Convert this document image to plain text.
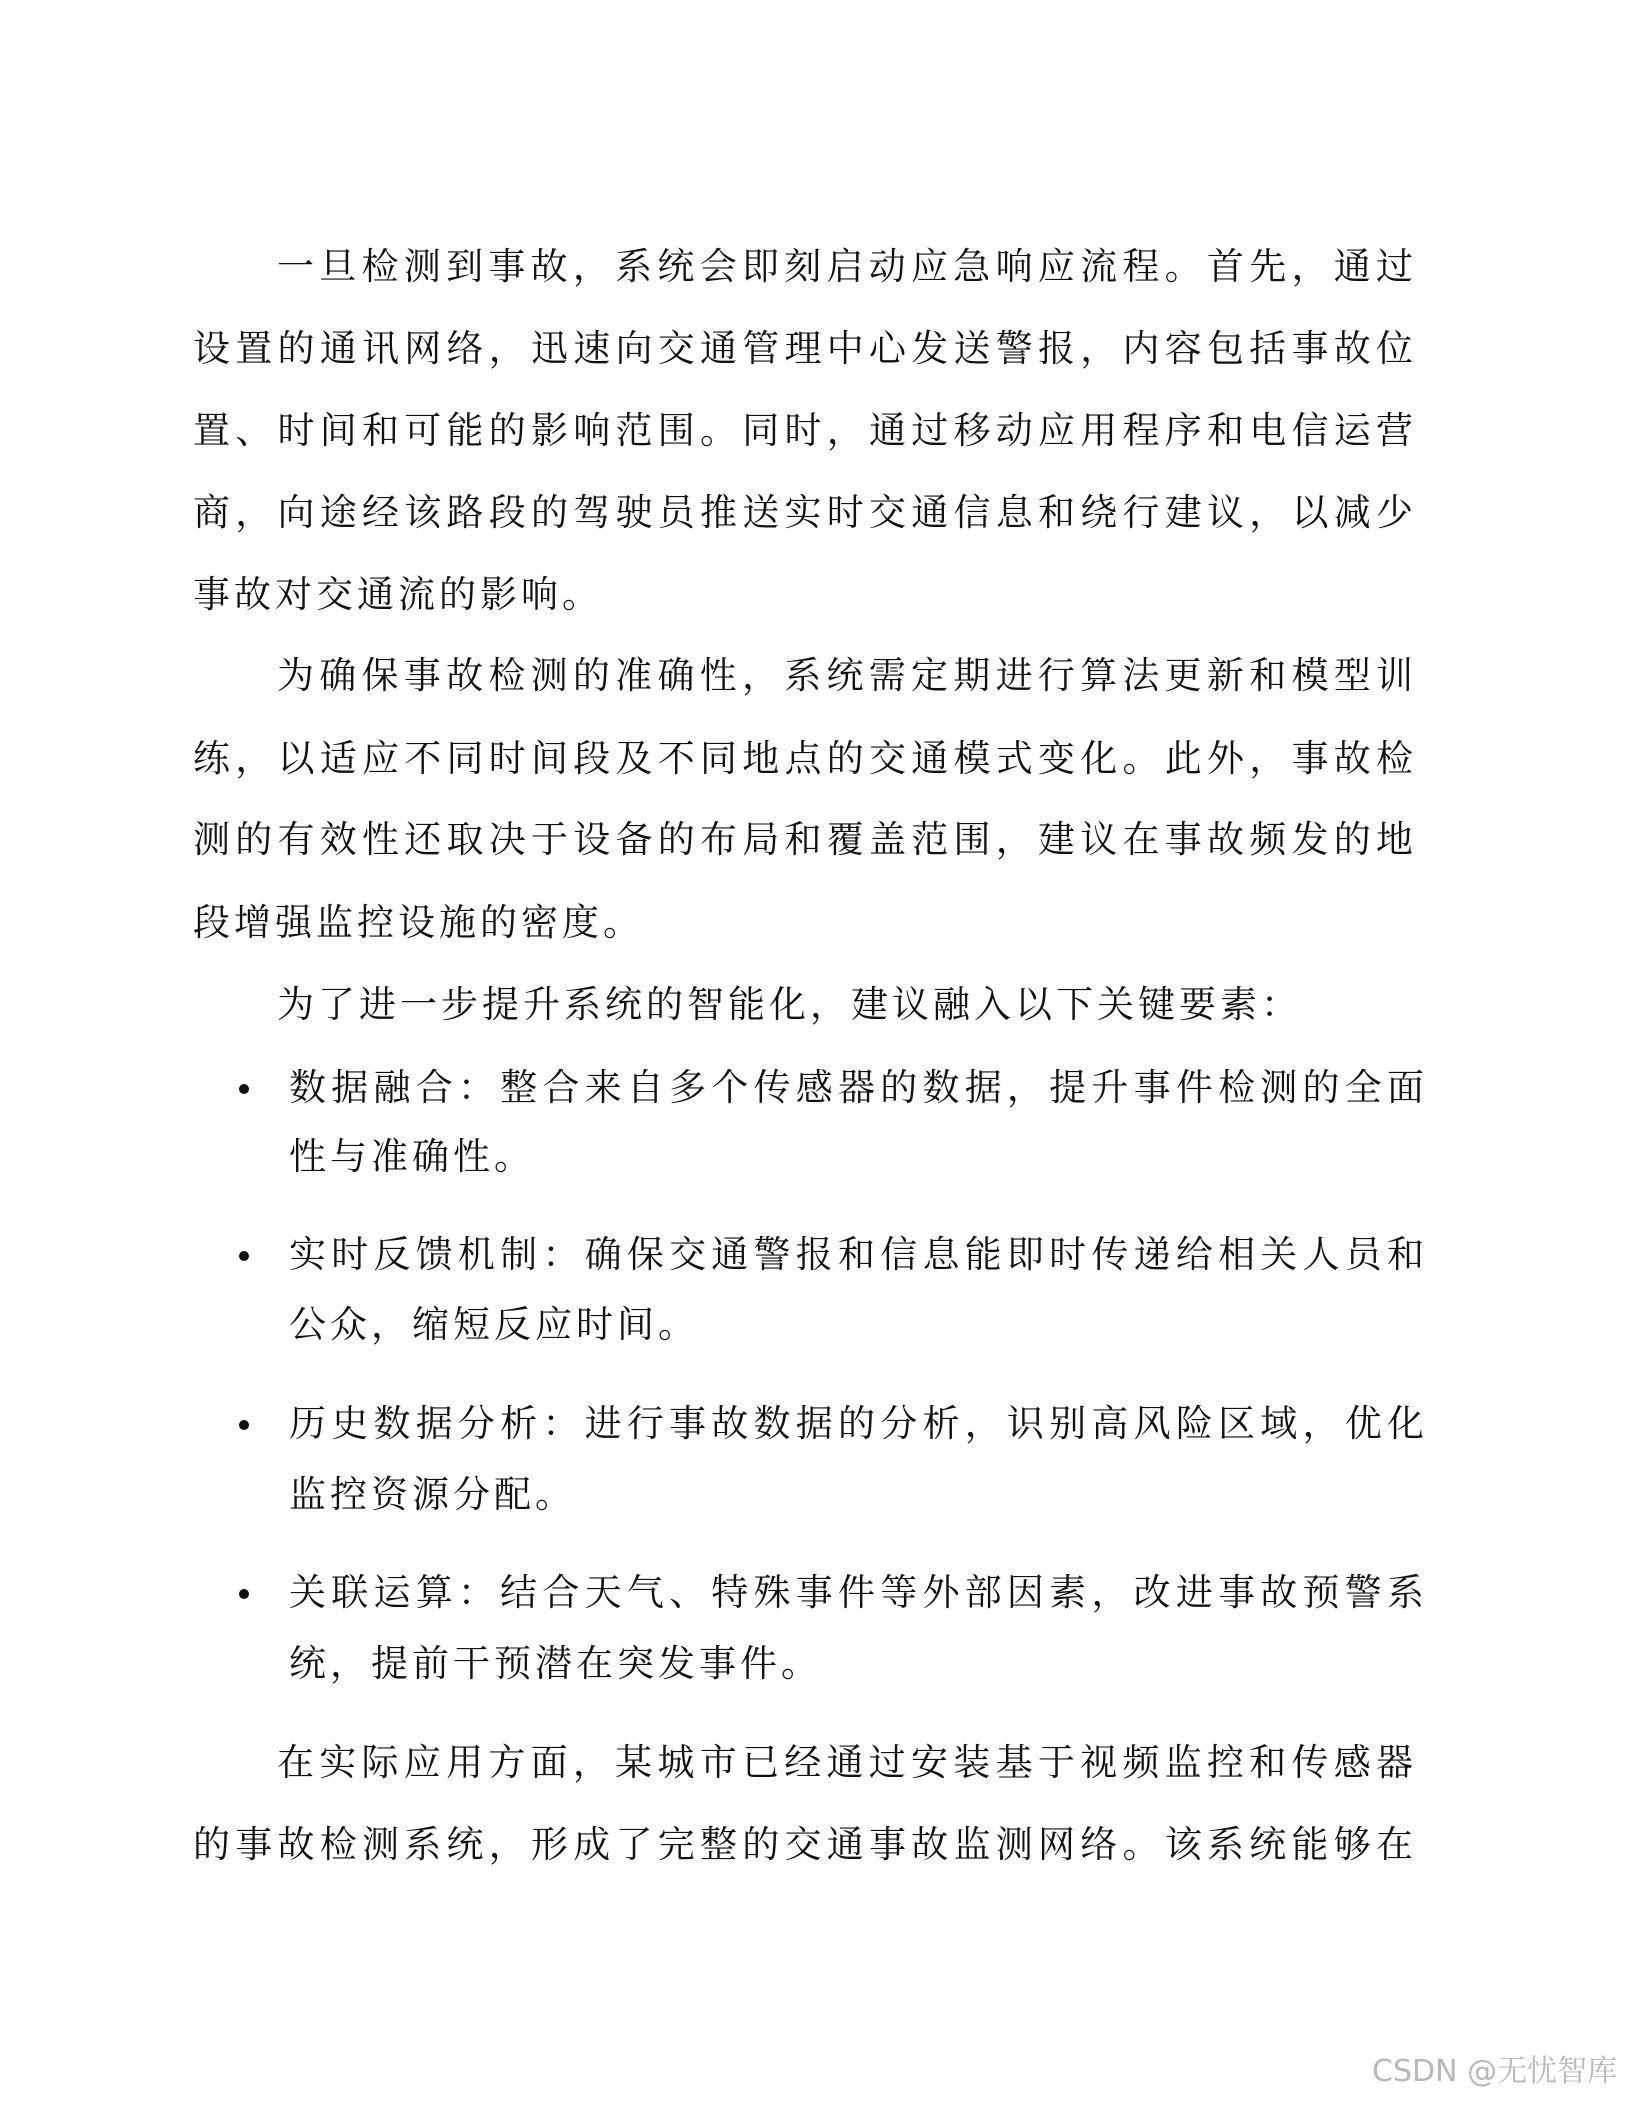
一旦检测到事故，系统会即刻启动应急响应流程。首先，通过
设置的通讯网络，迅速向交通管理中心发送警报，内容包括事故位
置、时间和可能的影响范围。同时，通过移动应用程序和电信运营
商，向途经该路段的驾驶员推送实时交通信息和绕行建议，以减少
事故对交通流的影响。
为确保事故检测的准确性，系统需定期进行算法更新和模型训
练，以适应不同时间段及不同地点的交通模式变化。此外，事故检
测的有效性还取决于设备的布局和覆盖范围，建议在事故频发的地
段增强监控设施的密度。
为了进一步提升系统的智能化，建议融入以下关键要素：
数据融合：整合来自多个传感器的数据，提升事件检测的全面
性与准确性。
实时反馈机制：确保交通警报和信息能即时传递给相关人员和
公众，缩短反应时间。
历史数据分析：进行事故数据的分析，识别高风险区域，优化
监控资源分配。
关联运算：结合天气、特殊事件等外部因素，改进事故预警系
统，提前干预潜在突发事件。
在实际应用方面，某城市已经通过安装基于视频监控和传感器
的事故检测系统，形成了完整的交通事故监测网络。该系统能够在
CSDN @无忧智库
